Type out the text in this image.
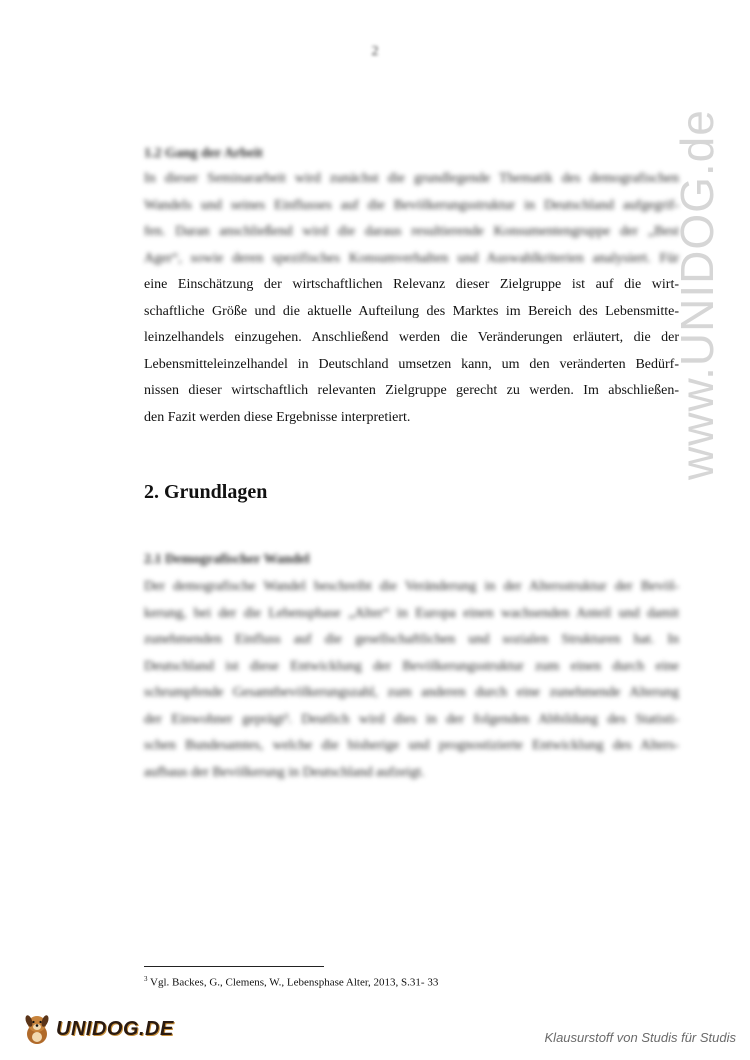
2
1.2 Gang der Arbeit
In dieser Seminararbeit wird zunächst die grundlegende Thematik des demografischen
Wandels und seines Einflusses auf die Bevölkerungsstruktur in Deutschland aufgegrif-
fen. Daran anschließend wird die daraus resultierende Konsumentengruppe der „Best
Ager“, sowie deren spezifisches Konsumverhalten und Auswahlkriterien analysiert. Für
eine Einschätzung der wirtschaftlichen Relevanz dieser Zielgruppe ist auf die wirt-
schaftliche Größe und die aktuelle Aufteilung des Marktes im Bereich des Lebensmitte-
leinzelhandels einzugehen. Anschließend werden die Veränderungen erläutert, die der
Lebensmitteleinzelhandel in Deutschland umsetzen kann, um den veränderten Bedürf-
nissen dieser wirtschaftlich relevanten Zielgruppe gerecht zu werden. Im abschließen-
den Fazit werden diese Ergebnisse interpretiert.
2. Grundlagen
2.1 Demografischer Wandel
Der demografische Wandel beschreibt die Veränderung in der Altersstruktur der Bevöl-
kerung, bei der die Lebensphase „Alter“ in Europa einen wachsenden Anteil und damit
zunehmenden Einfluss auf die gesellschaftlichen und sozialen Strukturen hat. In
Deutschland ist diese Entwicklung der Bevölkerungsstruktur zum einen durch eine
schrumpfende Gesamtbevölkerungszahl, zum anderen durch eine zunehmende Alterung
der Einwohner geprägt³. Deutlich wird dies in der folgenden Abbildung des Statisti-
schen Bundesamtes, welche die bisherige und prognostizierte Entwicklung des Alters-
aufbaus der Bevölkerung in Deutschland aufzeigt.
$^3$ Vgl. Backes, G., Clemens, W., Lebensphase Alter, 2013, S.31- 33
www.UNIDOG.de
UNIDOG.DE	Klausurstoff von Studis für Studis
